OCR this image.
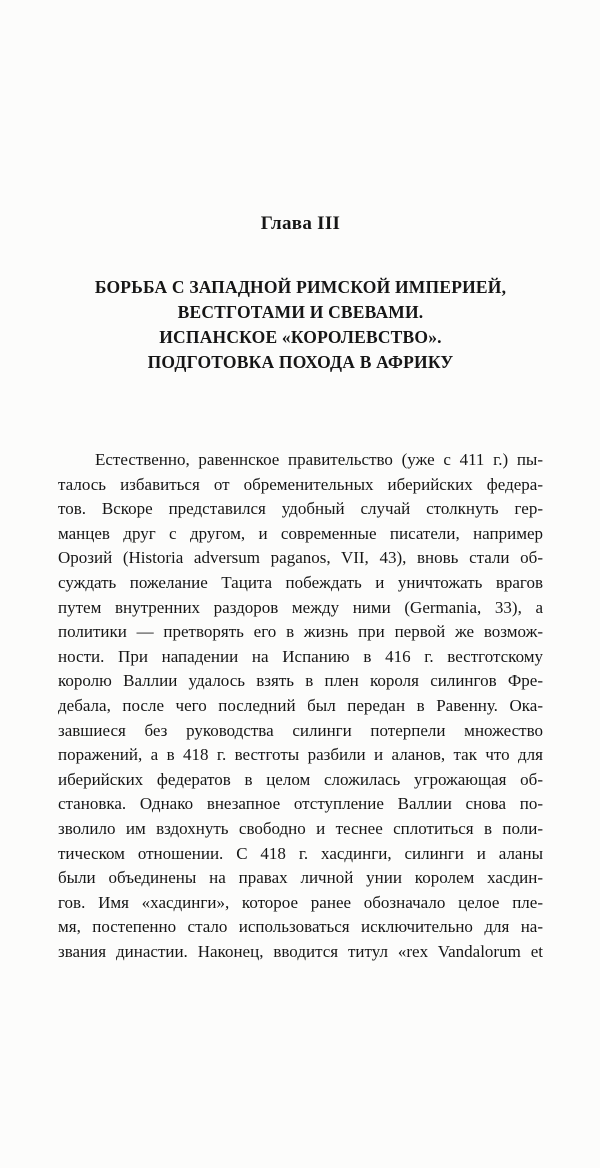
Глава III
БОРЬБА С ЗАПАДНОЙ РИМСКОЙ ИМПЕРИЕЙ,
ВЕСТГОТАМИ И СВЕВАМИ.
ИСПАНСКОЕ «КОРОЛЕВСТВО».
ПОДГОТОВКА ПОХОДА В АФРИКУ
Естественно, равеннское правительство (уже с 411 г.) пы-
талось избавиться от обременительных иберийских федера-
тов. Вскоре представился удобный случай столкнуть гер-
манцев друг с другом, и современные писатели, например
Орозий (Historia adversum paganos, VII, 43), вновь стали об-
суждать пожелание Тацита побеждать и уничтожать врагов
путем внутренних раздоров между ними (Germania, 33), а
политики — претворять его в жизнь при первой же возмож-
ности. При нападении на Испанию в 416 г. вестготскому
королю Валлии удалось взять в плен короля силингов Фре-
дебала, после чего последний был передан в Равенну. Ока-
завшиеся без руководства силинги потерпели множество
поражений, а в 418 г. вестготы разбили и аланов, так что для
иберийских федератов в целом сложилась угрожающая об-
становка. Однако внезапное отступление Валлии снова по-
зволило им вздохнуть свободно и теснее сплотиться в поли-
тическом отношении. С 418 г. хасдинги, силинги и аланы
были объединены на правах личной унии королем хасдин-
гов. Имя «хасдинги», которое ранее обозначало целое пле-
мя, постепенно стало использоваться исключительно для на-
звания династии. Наконец, вводится титул «rex Vandalorum et
